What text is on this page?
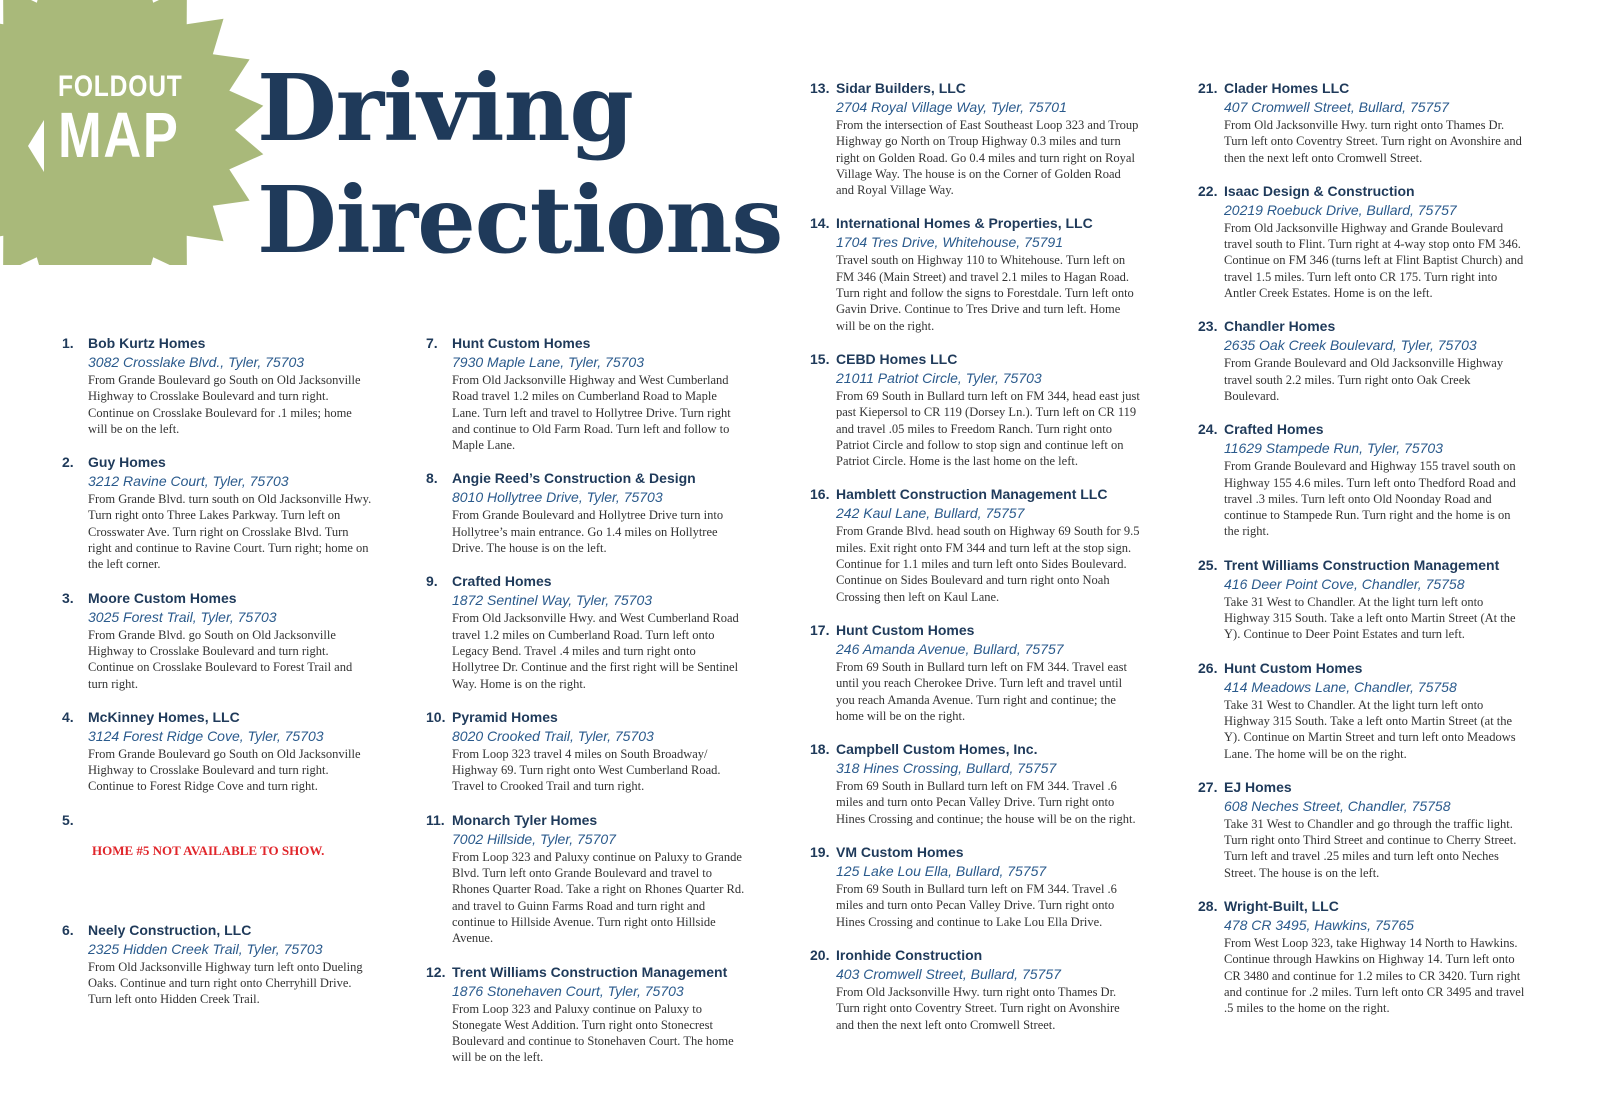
FOLDOUT
MAP Driving
Directions
1.	Bob Kurtz Homes
3082 Crosslake Blvd., Tyler, 75703
From Grande Boulevard go South on Old Jacksonville Highway to Crosslake Boulevard and turn right. Continue on Crosslake Boulevard for .1 miles; home will be on the left.
2.	Guy Homes
3212 Ravine Court, Tyler, 75703
From Grande Blvd. turn south on Old Jacksonville Hwy. Turn right onto Three Lakes Parkway. Turn left on Crosswater Ave. Turn right on Crosslake Blvd. Turn right and continue to Ravine Court. Turn right; home on the left corner.
3.	Moore Custom Homes
3025 Forest Trail, Tyler, 75703
From Grande Blvd. go South on Old Jacksonville Highway to Crosslake Boulevard and turn right. Continue on Crosslake Boulevard to Forest Trail and turn right.
4.	McKinney Homes, LLC
3124 Forest Ridge Cove, Tyler, 75703
From Grande Boulevard go South on Old Jacksonville Highway to Crosslake Boulevard and turn right. Continue to Forest Ridge Cove and turn right.
5.
HOME #5 NOT AVAILABLE TO SHOW.
6.	Neely Construction, LLC
2325 Hidden Creek Trail, Tyler, 75703
From Old Jacksonville Highway turn left onto Dueling Oaks. Continue and turn right onto Cherryhill Drive. Turn left onto Hidden Creek Trail.
7.	Hunt Custom Homes
7930 Maple Lane, Tyler, 75703
From Old Jacksonville Highway and West Cumberland Road travel 1.2 miles on Cumberland Road to Maple Lane. Turn left and travel to Hollytree Drive. Turn right and continue to Old Farm Road. Turn left and follow to Maple Lane.
8.	Angie Reed’s Construction & Design
8010 Hollytree Drive, Tyler, 75703
From Grande Boulevard and Hollytree Drive turn into Hollytree’s main entrance. Go 1.4 miles on Hollytree Drive. The house is on the left.
9.	Crafted Homes
1872 Sentinel Way, Tyler, 75703
From Old Jacksonville Hwy. and West Cumberland Road travel 1.2 miles on Cumberland Road. Turn left onto Legacy Bend. Travel .4 miles and turn right onto Hollytree Dr. Continue and the first right will be Sentinel Way. Home is on the right.
10. Pyramid Homes
8020 Crooked Trail, Tyler, 75703
From Loop 323 travel 4 miles on South Broadway/ Highway 69. Turn right onto West Cumberland Road. Travel to Crooked Trail and turn right.
11. Monarch Tyler Homes
7002 Hillside, Tyler, 75707
From Loop 323 and Paluxy continue on Paluxy to Grande Blvd. Turn left onto Grande Boulevard and travel to Rhones Quarter Road. Take a right on Rhones Quarter Rd. and travel to Guinn Farms Road and turn right and continue to Hillside Avenue. Turn right onto Hillside Avenue.
12. Trent Williams Construction Management
1876 Stonehaven Court, Tyler, 75703
From Loop 323 and Paluxy continue on Paluxy to Stonegate West Addition. Turn right onto Stonecrest Boulevard and continue to Stonehaven Court. The home will be on the left.
13. Sidar Builders, LLC
2704 Royal Village Way, Tyler, 75701
From the intersection of East Southeast Loop 323 and Troup Highway go North on Troup Highway 0.3 miles and turn right on Golden Road. Go 0.4 miles and turn right on Royal Village Way. The house is on the Corner of Golden Road and Royal Village Way.
14. International Homes & Properties, LLC
1704 Tres Drive, Whitehouse, 75791
Travel south on Highway 110 to Whitehouse. Turn left on FM 346 (Main Street) and travel 2.1 miles to Hagan Road. Turn right and follow the signs to Forestdale. Turn left onto Gavin Drive. Continue to Tres Drive and turn left. Home will be on the right.
15. CEBD Homes LLC
21011 Patriot Circle, Tyler, 75703
From 69 South in Bullard turn left on FM 344, head east just past Kiepersol to CR 119 (Dorsey Ln.). Turn left on CR 119 and travel .05 miles to Freedom Ranch. Turn right onto Patriot Circle and follow to stop sign and continue left on Patriot Circle. Home is the last home on the left.
16. Hamblett Construction Management LLC
242 Kaul Lane, Bullard, 75757
From Grande Blvd. head south on Highway 69 South for 9.5 miles. Exit right onto FM 344 and turn left at the stop sign. Continue for 1.1 miles and turn left onto Sides Boulevard. Continue on Sides Boulevard and turn right onto Noah Crossing then left on Kaul Lane.
17. Hunt Custom Homes
246 Amanda Avenue, Bullard, 75757
From 69 South in Bullard turn left on FM 344. Travel east until you reach Cherokee Drive. Turn left and travel until you reach Amanda Avenue. Turn right and continue; the home will be on the right.
18. Campbell Custom Homes, Inc.
318 Hines Crossing, Bullard, 75757
From 69 South in Bullard turn left on FM 344. Travel .6 miles and turn onto Pecan Valley Drive. Turn right onto Hines Crossing and continue; the house will be on the right.
19. VM Custom Homes
125 Lake Lou Ella, Bullard, 75757
From 69 South in Bullard turn left on FM 344. Travel .6 miles and turn onto Pecan Valley Drive. Turn right onto Hines Crossing and continue to Lake Lou Ella Drive.
20. Ironhide Construction
403 Cromwell Street, Bullard, 75757
From Old Jacksonville Hwy. turn right onto Thames Dr. Turn right onto Coventry Street. Turn right on Avonshire and then the next left onto Cromwell Street.
21. Clader Homes LLC
407 Cromwell Street, Bullard, 75757
From Old Jacksonville Hwy. turn right onto Thames Dr. Turn left onto Coventry Street. Turn right on Avonshire and then the next left onto Cromwell Street.
22. Isaac Design & Construction
20219 Roebuck Drive, Bullard, 75757
From Old Jacksonville Highway and Grande Boulevard travel south to Flint. Turn right at 4-way stop onto FM 346. Continue on FM 346 (turns left at Flint Baptist Church) and travel 1.5 miles. Turn left onto CR 175. Turn right into Antler Creek Estates. Home is on the left.
23. Chandler Homes
2635 Oak Creek Boulevard, Tyler, 75703
From Grande Boulevard and Old Jacksonville Highway travel south 2.2 miles. Turn right onto Oak Creek Boulevard.
24. Crafted Homes
11629 Stampede Run, Tyler, 75703
From Grande Boulevard and Highway 155 travel south on Highway 155 4.6 miles. Turn left onto Thedford Road and travel .3 miles. Turn left onto Old Noonday Road and continue to Stampede Run. Turn right and the home is on the right.
25. Trent Williams Construction Management
416 Deer Point Cove, Chandler, 75758
Take 31 West to Chandler. At the light turn left onto Highway 315 South. Take a left onto Martin Street (At the Y). Continue to Deer Point Estates and turn left.
26. Hunt Custom Homes
414 Meadows Lane, Chandler, 75758
Take 31 West to Chandler. At the light turn left onto Highway 315 South. Take a left onto Martin Street (at the Y). Continue on Martin Street and turn left onto Meadows Lane. The home will be on the right.
27. EJ Homes
608 Neches Street, Chandler, 75758
Take 31 West to Chandler and go through the traffic light. Turn right onto Third Street and continue to Cherry Street. Turn left and travel .25 miles and turn left onto Neches Street. The house is on the left.
28. Wright-Built, LLC
478 CR 3495, Hawkins, 75765
From West Loop 323, take Highway 14 North to Hawkins. Continue through Hawkins on Highway 14. Turn left onto CR 3480 and continue for 1.2 miles to CR 3420. Turn right and continue for .2 miles. Turn left onto CR 3495 and travel .5 miles to the home on the right.
